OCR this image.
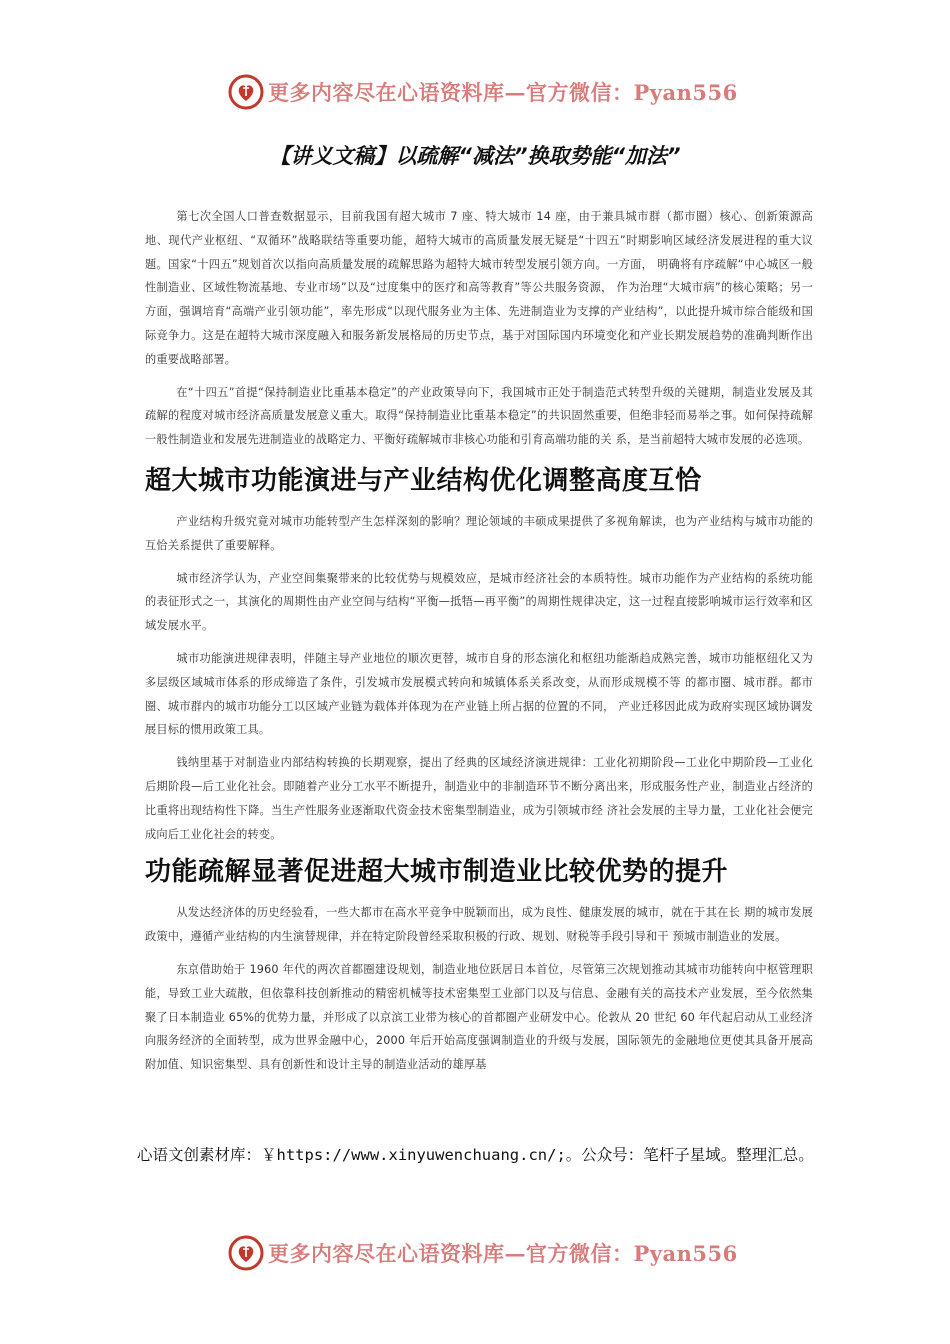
更多内容尽在心语资料库—官方微信：Pyan556
【讲义文稿】以疏解“减法”换取势能“加法”

第七次全国人口普查数据显示，目前我国有超大城市 7 座、特大城市 14 座，由于兼具城市群（都市圈）核心、创新策源高地、现代产业枢纽、“双循环”战略联结等重要功能，超特大城市的高质量发展无疑是“十四五”时期影响区域经济发展进程的重大议题。国家“十四五”规划首次以指向高质量发展的疏解思路为超特大城市转型发展引领方向。一方面， 明确将有序疏解“中心城区一般性制造业、区域性物流基地、专业市场”以及“过度集中的医疗和高等教育”等公共服务资源， 作为治理“大城市病”的核心策略；另一方面，强调培育“高端产业引领功能”，率先形成“以现代服务业为主体、先进制造业为支撑的产业结构”，以此提升城市综合能级和国际竞争力。这是在超特大城市深度融入和服务新发展格局的历史节点，基于对国际国内环境变化和产业长期发展趋势的准确判断作出的重要战略部署。

在“十四五”首提“保持制造业比重基本稳定”的产业政策导向下，我国城市正处于制造范式转型升级的关键期，制造业发展及其疏解的程度对城市经济高质量发展意义重大。取得“保持制造业比重基本稳定”的共识固然重要，但绝非轻而易举之事。如何保持疏解一般性制造业和发展先进制造业的战略定力、平衡好疏解城市非核心功能和引育高端功能的关 系，是当前超特大城市发展的必选项。

超大城市功能演进与产业结构优化调整高度互恰

产业结构升级究竟对城市功能转型产生怎样深刻的影响？理论领域的丰硕成果提供了多视角解读，也为产业结构与城市功能的互恰关系提供了重要解释。

城市经济学认为，产业空间集聚带来的比较优势与规模效应，是城市经济社会的本质特性。城市功能作为产业结构的系统功能的表征形式之一，其演化的周期性由产业空间与结构“平衡—抵牾—再平衡”的周期性规律决定，这一过程直接影响城市运行效率和区域发展水平。

城市功能演进规律表明，伴随主导产业地位的顺次更替，城市自身的形态演化和枢纽功能渐趋成熟完善，城市功能枢纽化又为多层级区域城市体系的形成缔造了条件，引发城市发展模式转向和城镇体系关系改变，从而形成规模不等 的都市圈、城市群。都市圈、城市群内的城市功能分工以区域产业链为载体并体现为在产业链上所占据的位置的不同， 产业迁移因此成为政府实现区域协调发展目标的惯用政策工具。

钱纳里基于对制造业内部结构转换的长期观察，提出了经典的区域经济演进规律：工业化初期阶段—工业化中期阶段—工业化后期阶段—后工业化社会。即随着产业分工水平不断提升，制造业中的非制造环节不断分离出来，形成服务性产业，制造业占经济的比重将出现结构性下降。当生产性服务业逐渐取代资金技术密集型制造业，成为引领城市经 济社会发展的主导力量，工业化社会便完成向后工业化社会的转变。

功能疏解显著促进超大城市制造业比较优势的提升

从发达经济体的历史经验看，一些大都市在高水平竞争中脱颖而出，成为良性、健康发展的城市，就在于其在长 期的城市发展政策中，遵循产业结构的内生演替规律，并在特定阶段曾经采取积极的行政、规划、财税等手段引导和干 预城市制造业的发展。

东京借助始于 1960 年代的两次首都圈建设规划，制造业地位跃居日本首位，尽管第三次规划推动其城市功能转向中枢管理职能，导致工业大疏散，但依靠科技创新推动的精密机械等技术密集型工业部门以及与信息、金融有关的高技术产业发展，至今依然集聚了日本制造业 65%的优势力量，并形成了以京滨工业带为核心的首都圈产业研发中心。伦敦从 20 世纪 60 年代起启动从工业经济向服务经济的全面转型，成为世界金融中心，2000 年后开始高度强调制造业的升级与发展，国际领先的金融地位更使其具备开展高附加值、知识密集型、具有创新性和设计主导的制造业活动的雄厚基

心语文创素材库：￥https://www.xinyuwenchuang.cn/;。公众号：笔杆子星域。整理汇总。

更多内容尽在心语资料库—官方微信：Pyan556
